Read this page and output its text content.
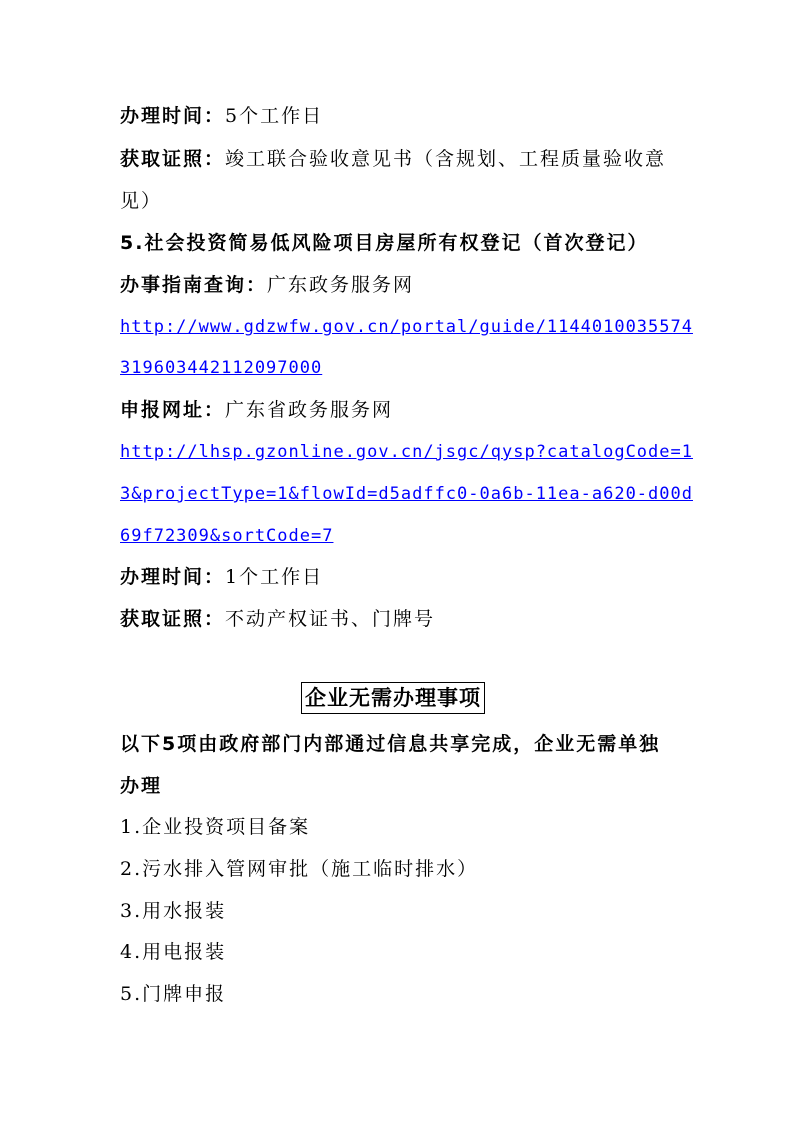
办理时间：5个工作日
获取证照：竣工联合验收意见书（含规划、工程质量验收意
见）
5.社会投资简易低风险项目房屋所有权登记（首次登记）
办事指南查询：广东政务服务网
http://www.gdzwfw.gov.cn/portal/guide/1144010035574
319603442112097000
申报网址：广东省政务服务网
http://lhsp.gzonline.gov.cn/jsgc/qysp?catalogCode=1
3&projectType=1&flowId=d5adffc0-0a6b-11ea-a620-d00d
69f72309&sortCode=7
办理时间：1个工作日
获取证照：不动产权证书、门牌号
企业无需办理事项
以下5项由政府部门内部通过信息共享完成，企业无需单独
办理
1.企业投资项目备案
2.污水排入管网审批（施工临时排水）
3.用水报装
4.用电报装
5.门牌申报
